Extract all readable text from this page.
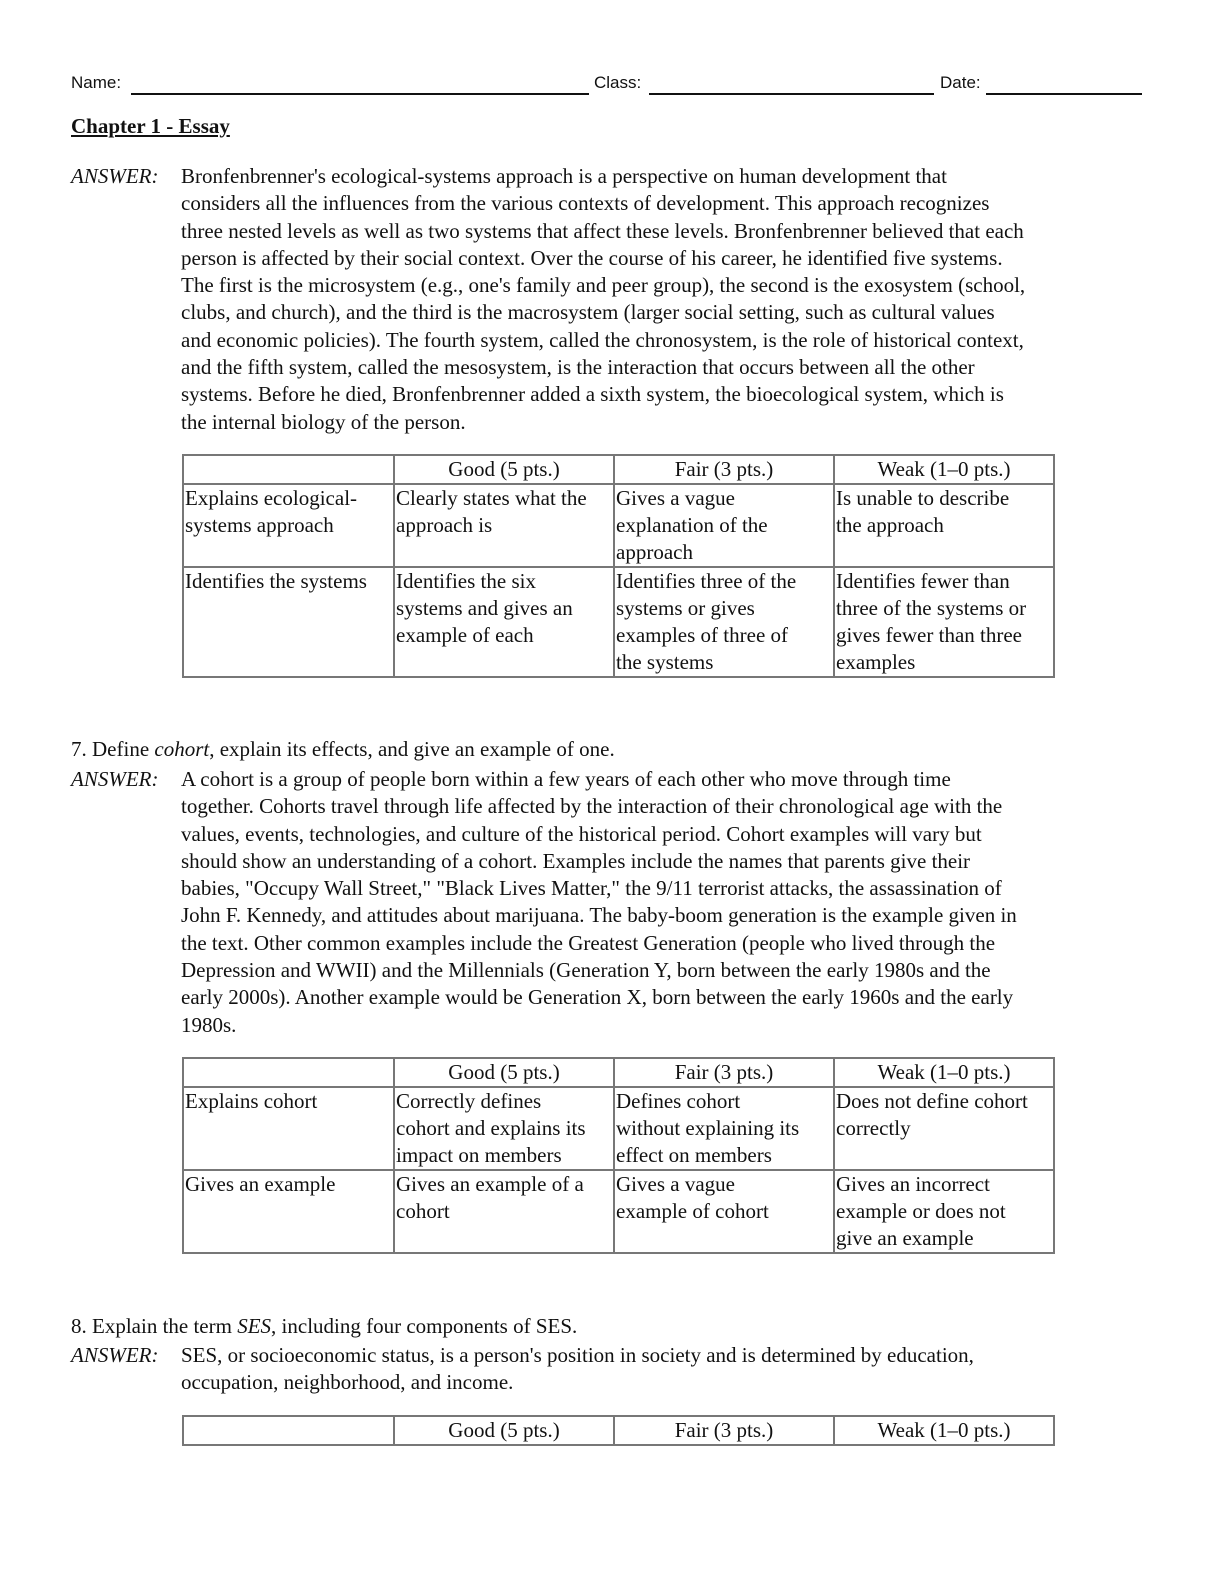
Name:	Class:	Date:
Chapter 1 - Essay
ANSWER: Bronfenbrenner's ecological-systems approach is a perspective on human development that
considers all the influences from the various contexts of development. This approach recognizes
three nested levels as well as two systems that affect these levels. Bronfenbrenner believed that each
person is affected by their social context. Over the course of his career, he identified five systems.
The first is the microsystem (e.g., one's family and peer group), the second is the exosystem (school,
clubs, and church), and the third is the macrosystem (larger social setting, such as cultural values
and economic policies). The fourth system, called the chronosystem, is the role of historical context,
and the fifth system, called the mesosystem, is the interaction that occurs between all the other
systems. Before he died, Bronfenbrenner added a sixth system, the bioecological system, which is
the internal biology of the person.
	Good (5 pts.)	Fair (3 pts.)	Weak (1–0 pts.)
Explains ecological-
systems approach	Clearly states what the
approach is	Gives a vague
explanation of the
approach	Is unable to describe
the approach
Identifies the systems	Identifies the six
systems and gives an
example of each	Identifies three of the
systems or gives
examples of three of
the systems	Identifies fewer than
three of the systems or
gives fewer than three
examples
7. Define cohort, explain its effects, and give an example of one.
ANSWER: A cohort is a group of people born within a few years of each other who move through time
together. Cohorts travel through life affected by the interaction of their chronological age with the
values, events, technologies, and culture of the historical period. Cohort examples will vary but
should show an understanding of a cohort. Examples include the names that parents give their
babies, "Occupy Wall Street," "Black Lives Matter," the 9/11 terrorist attacks, the assassination of
John F. Kennedy, and attitudes about marijuana. The baby-boom generation is the example given in
the text. Other common examples include the Greatest Generation (people who lived through the
Depression and WWII) and the Millennials (Generation Y, born between the early 1980s and the
early 2000s). Another example would be Generation X, born between the early 1960s and the early
1980s.
	Good (5 pts.)	Fair (3 pts.)	Weak (1–0 pts.)
Explains cohort	Correctly defines
cohort and explains its
impact on members	Defines cohort
without explaining its
effect on members	Does not define cohort
correctly
Gives an example	Gives an example of a
cohort	Gives a vague
example of cohort	Gives an incorrect
example or does not
give an example
8. Explain the term SES, including four components of SES.
ANSWER: SES, or socioeconomic status, is a person's position in society and is determined by education,
occupation, neighborhood, and income.
	Good (5 pts.)	Fair (3 pts.)	Weak (1–0 pts.)
